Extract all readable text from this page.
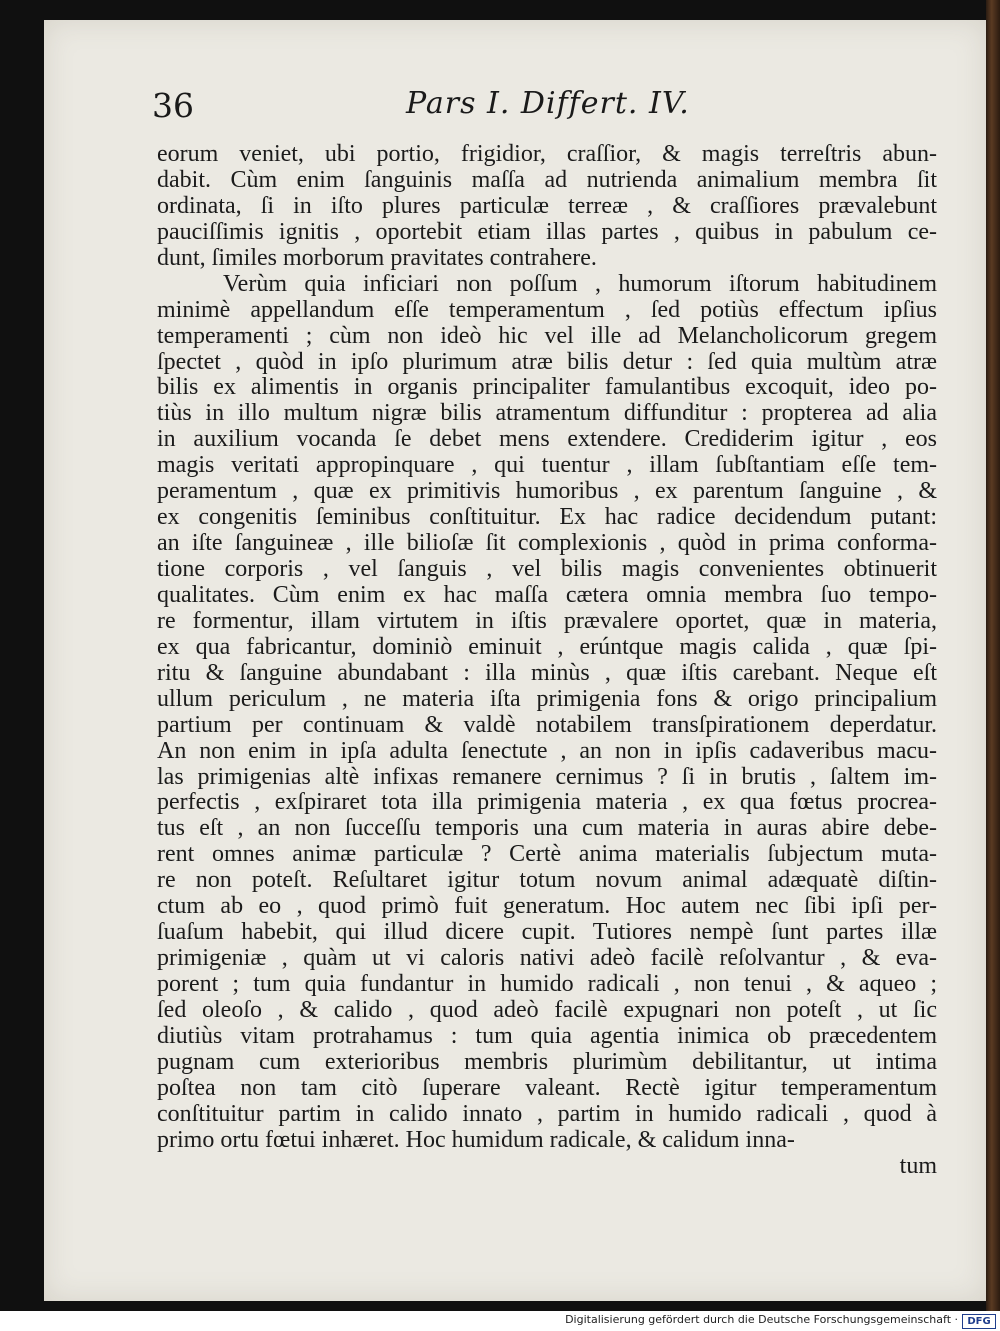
36	Pars I. Differt. IV.
eorum veniet, ubi portio, frigidior, craſſior, & magis terreſtris abun-
dabit. Cùm enim ſanguinis maſſa ad nutrienda animalium membra ſit
ordinata, ſi in iſto plures particulæ terreæ , & craſſiores prævalebunt
pauciſſimis ignitis , oportebit etiam illas partes , quibus in pabulum ce-
dunt, ſimiles morborum pravitates contrahere.
Verùm quia inficiari non poſſum , humorum iſtorum habitudinem
minimè appellandum eſſe temperamentum , ſed potiùs effectum ipſius
temperamenti ; cùm non ideò hic vel ille ad Melancholicorum gregem
ſpectet , quòd in ipſo plurimum atræ bilis detur : ſed quia multùm atræ
bilis ex alimentis in organis principaliter famulantibus excoquit, ideo po-
tiùs in illo multum nigræ bilis atramentum diffunditur : propterea ad alia
in auxilium vocanda ſe debet mens extendere. Crediderim igitur , eos
magis veritati appropinquare , qui tuentur , illam ſubſtantiam eſſe tem-
peramentum , quæ ex primitivis humoribus , ex parentum ſanguine , &
ex congenitis ſeminibus conſtituitur. Ex hac radice decidendum putant:
an iſte ſanguineæ , ille bilioſæ ſit complexionis , quòd in prima conforma-
tione corporis , vel ſanguis , vel bilis magis convenientes obtinuerit
qualitates. Cùm enim ex hac maſſa cætera omnia membra ſuo tempo-
re formentur, illam virtutem in iſtis prævalere oportet, quæ in materia,
ex qua fabricantur, dominiò eminuit , erúntque magis calida , quæ ſpi-
ritu & ſanguine abundabant : illa minùs , quæ iſtis carebant. Neque eſt
ullum periculum , ne materia iſta primigenia fons & origo principalium
partium per continuam & valdè notabilem transſpirationem deperdatur.
An non enim in ipſa adulta ſenectute , an non in ipſis cadaveribus macu-
las primigenias altè infixas remanere cernimus ? ſi in brutis , ſaltem im-
perfectis , exſpiraret tota illa primigenia materia , ex qua fœtus procrea-
tus eſt , an non ſucceſſu temporis una cum materia in auras abire debe-
rent omnes animæ particulæ ? Certè anima materialis ſubjectum muta-
re non poteſt. Reſultaret igitur totum novum animal adæquatè diſtin-
ctum ab eo , quod primò fuit generatum. Hoc autem nec ſibi ipſi per-
ſuaſum habebit, qui illud dicere cupit. Tutiores nempè ſunt partes illæ
primigeniæ , quàm ut vi caloris nativi adeò facilè reſolvantur , & eva-
porent ; tum quia fundantur in humido radicali , non tenui , & aqueo ;
ſed oleoſo , & calido , quod adeò facilè expugnari non poteſt , ut ſic
diutiùs vitam protrahamus : tum quia agentia inimica ob præcedentem
pugnam cum exterioribus membris plurimùm debilitantur, ut intima
poſtea non tam citò ſuperare valeant. Rectè igitur temperamentum
conſtituitur partim in calido innato , partim in humido radicali , quod à
primo ortu fœtui inhæret. Hoc humidum radicale, & calidum inna-
tum
Digitalisierung gefördert durch die Deutsche Forschungsgemeinschaft · DFG
